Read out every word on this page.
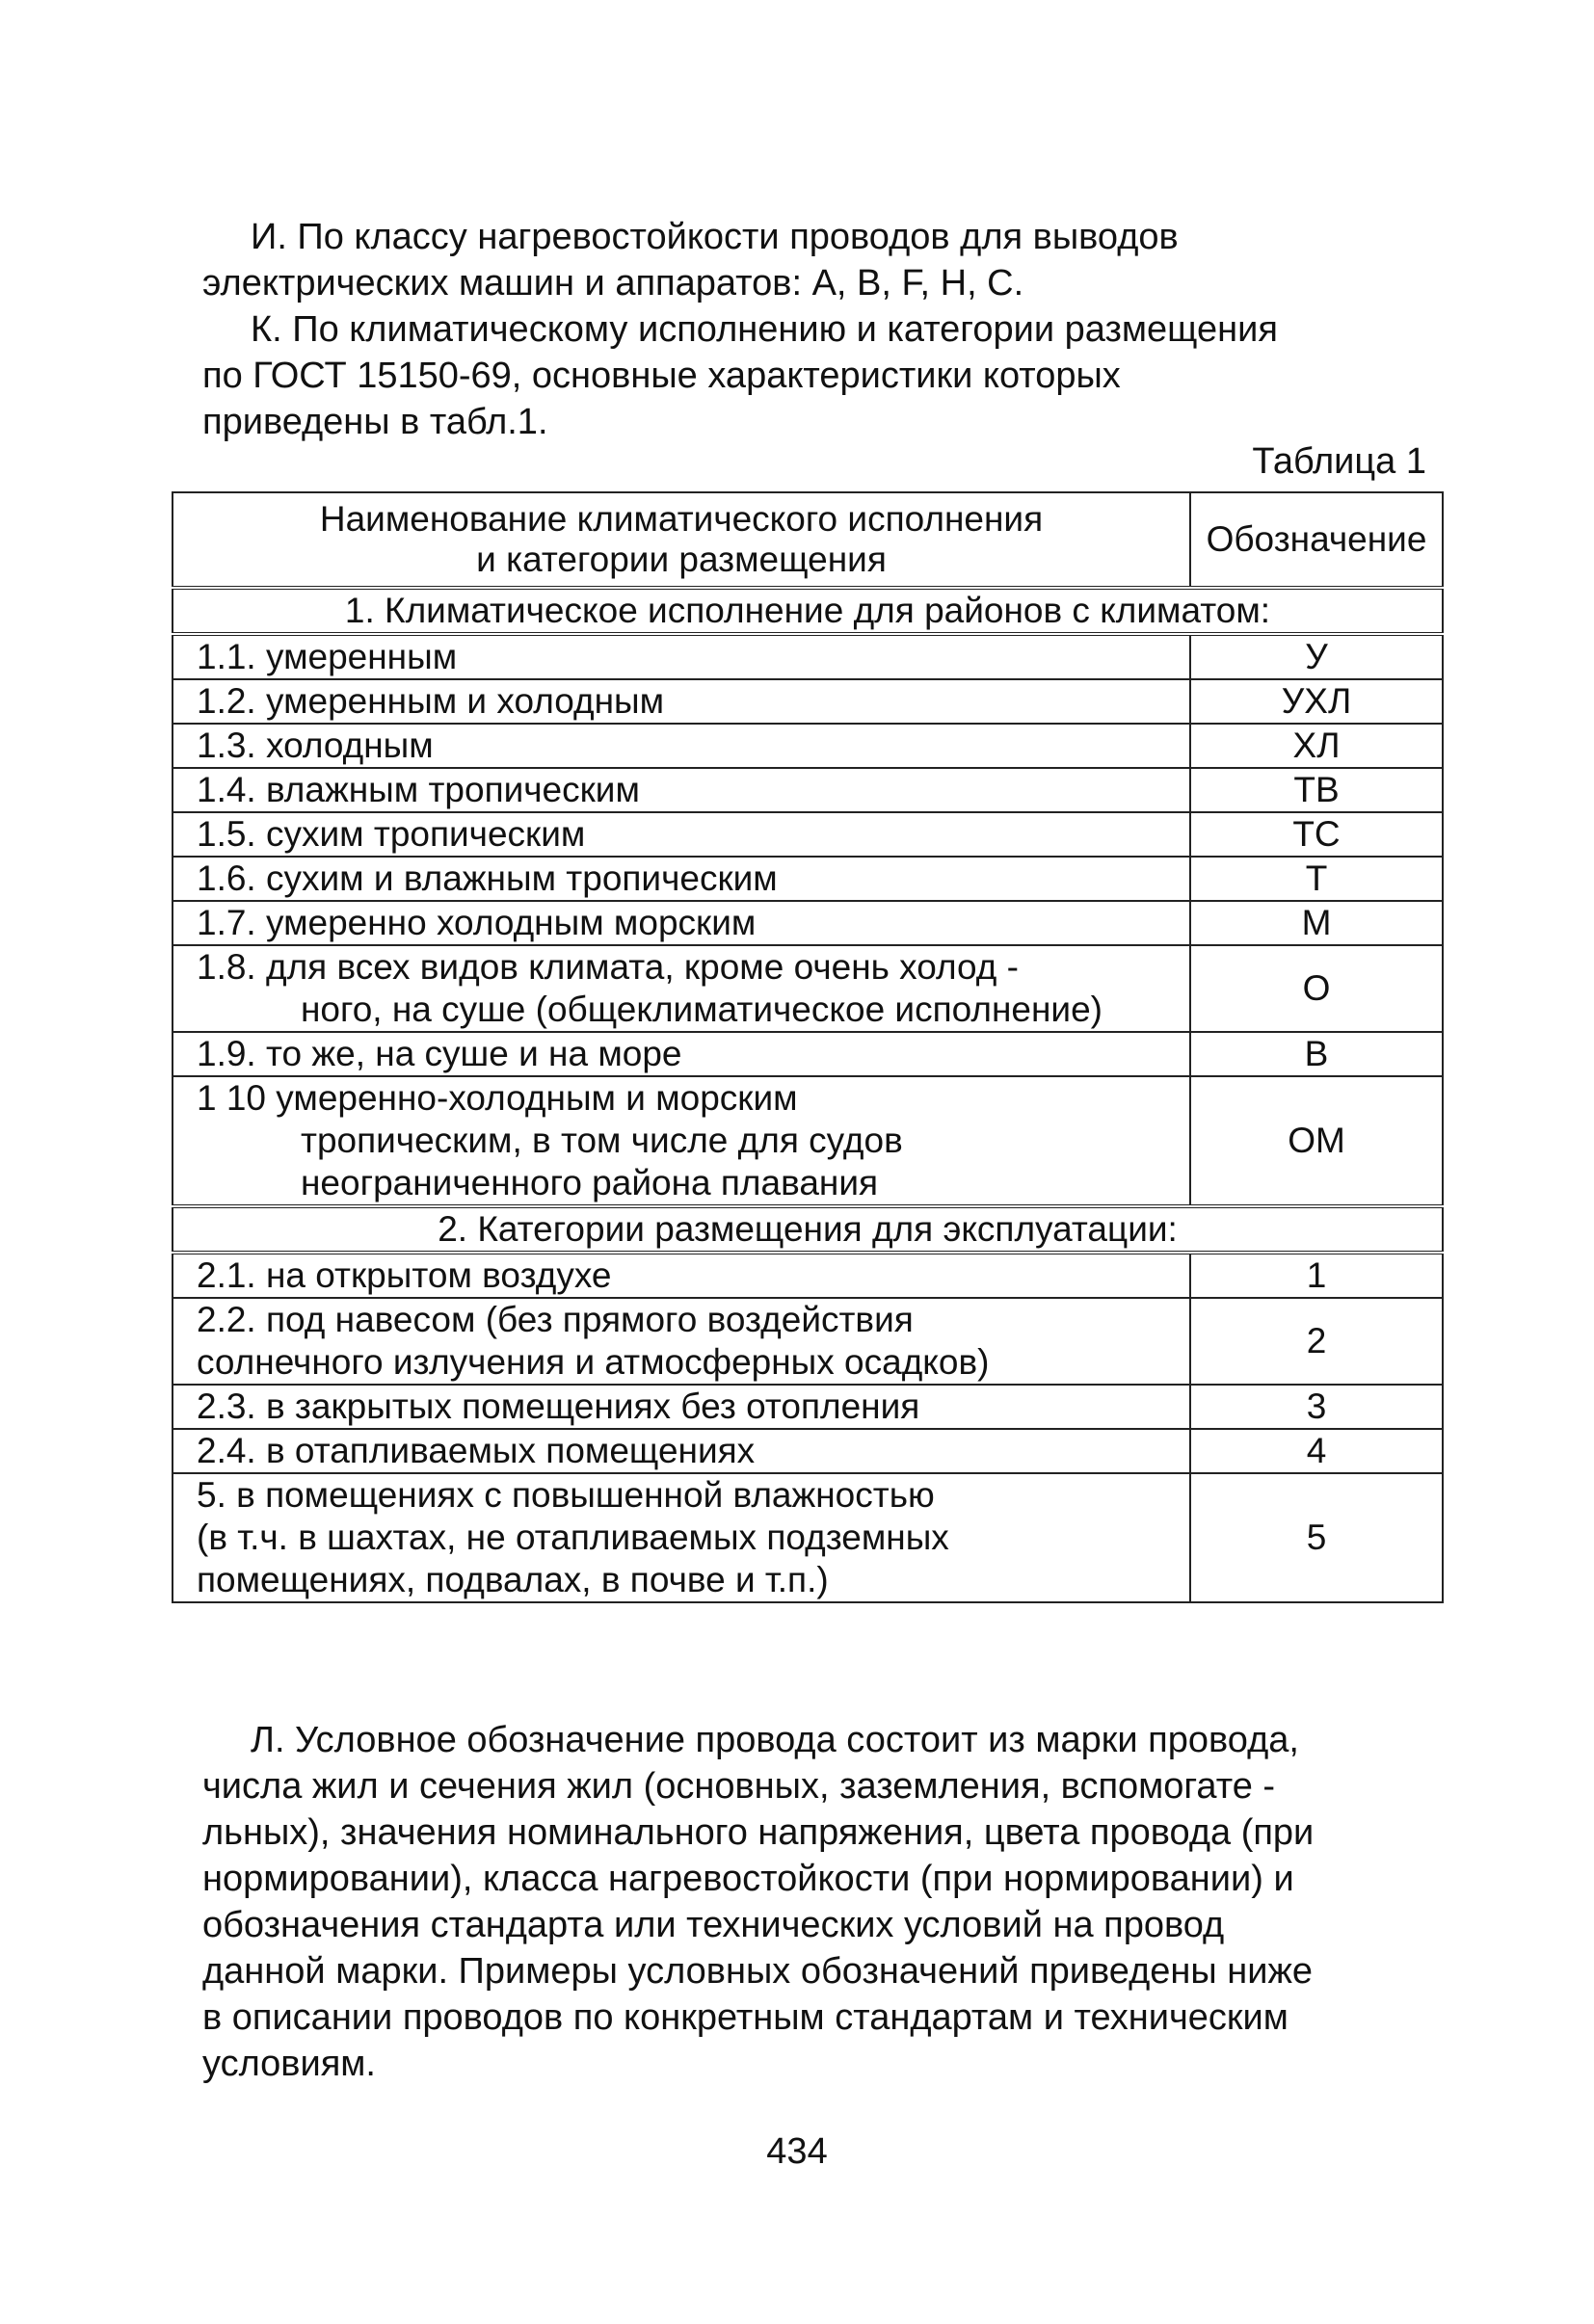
И. По классу нагревостойкости проводов для выводов
электрических машин и аппаратов: А, В, F, Н, С.

К. По климатическому исполнению и категории размещения
по ГОСТ 15150-69, основные характеристики которых
приведены в табл.1.

Таблица 1
Наименование климатического исполнения
и категории размещения	Обозначение
1. Климатическое исполнение для районов с климатом:	

1.1. умеренным	У

1.2. умеренным и холодным	УХЛ

1.3. холодным	ХЛ

1.4. влажным тропическим	ТВ

1.5. сухим тропическим	ТС

1.6. сухим и влажным тропическим	Т

1.7. умеренно холодным морским	М

1.8. для всех видов климата, кроме очень холод -
ного, на суше (общеклиматическое исполнение)	О

1.9. то же, на суше и на море	В

1 10 умеренно-холодным и морским
тропическим, в том числе для судов
неограниченного района плавания	ОМ
2. Категории размещения для эксплуатации:	

2.1. на открытом воздухе	1

2.2. под навесом (без прямого воздействия
солнечного излучения и атмосферных осадков)	2

2.3. в закрытых помещениях без отопления	3

2.4. в отапливаемых помещениях	4

5. в помещениях с повышенной влажностью
(в т.ч. в шахтах, не отапливаемых подземных
помещениях, подвалах, в почве и т.п.)	5

Л. Условное обозначение провода состоит из марки провода,
числа жил и сечения жил (основных, заземления, вспомогате -
льных), значения номинального напряжения, цвета провода (при
нормировании), класса нагревостойкости (при нормировании) и
обозначения стандарта или технических условий на провод
данной марки. Примеры условных обозначений приведены ниже
в описании проводов по конкретным стандартам и техническим
условиям.

434
